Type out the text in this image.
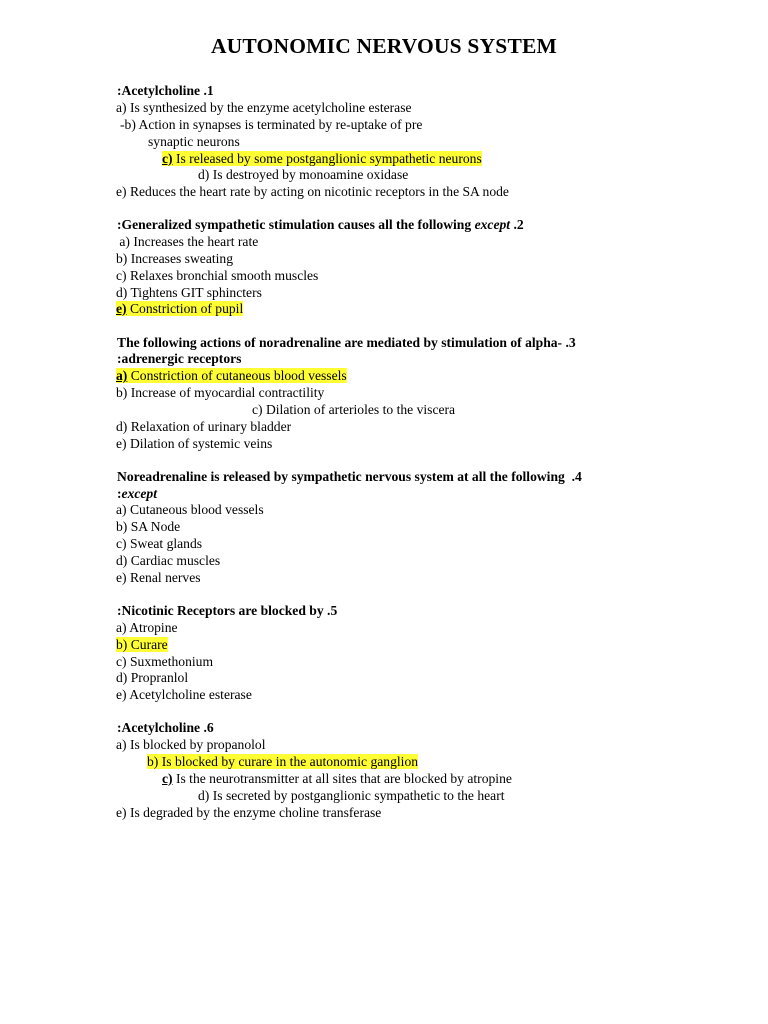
AUTONOMIC NERVOUS SYSTEM
:Acetylcholine .1
a) Is synthesized by the enzyme acetylcholine esterase
-b) Action in synapses is terminated by re-uptake of pre
synaptic neurons
c) Is released by some postganglionic sympathetic neurons
d) Is destroyed by monoamine oxidase
e) Reduces the heart rate by acting on nicotinic receptors in the SA node
:Generalized sympathetic stimulation causes all the following except .2
a) Increases the heart rate
b) Increases sweating
c) Relaxes bronchial smooth muscles
d) Tightens GIT sphincters
e) Constriction of pupil
The following actions of noradrenaline are mediated by stimulation of alpha- .3
:adrenergic receptors
a) Constriction of cutaneous blood vessels
b) Increase of myocardial contractility
c) Dilation of arterioles to the viscera
d) Relaxation of urinary bladder
e) Dilation of systemic veins
Noreadrenaline is released by sympathetic nervous system at all the following  .4
:except
a) Cutaneous blood vessels
b) SA Node
c) Sweat glands
d) Cardiac muscles
e) Renal nerves
:Nicotinic Receptors are blocked by .5
a) Atropine
b) Curare
c) Suxmethonium
d) Propranlol
e) Acetylcholine esterase
:Acetylcholine .6
a) Is blocked by propanolol
b) Is blocked by curare in the autonomic ganglion
c) Is the neurotransmitter at all sites that are blocked by atropine
d) Is secreted by postganglionic sympathetic to the heart
e) Is degraded by the enzyme choline transferase
